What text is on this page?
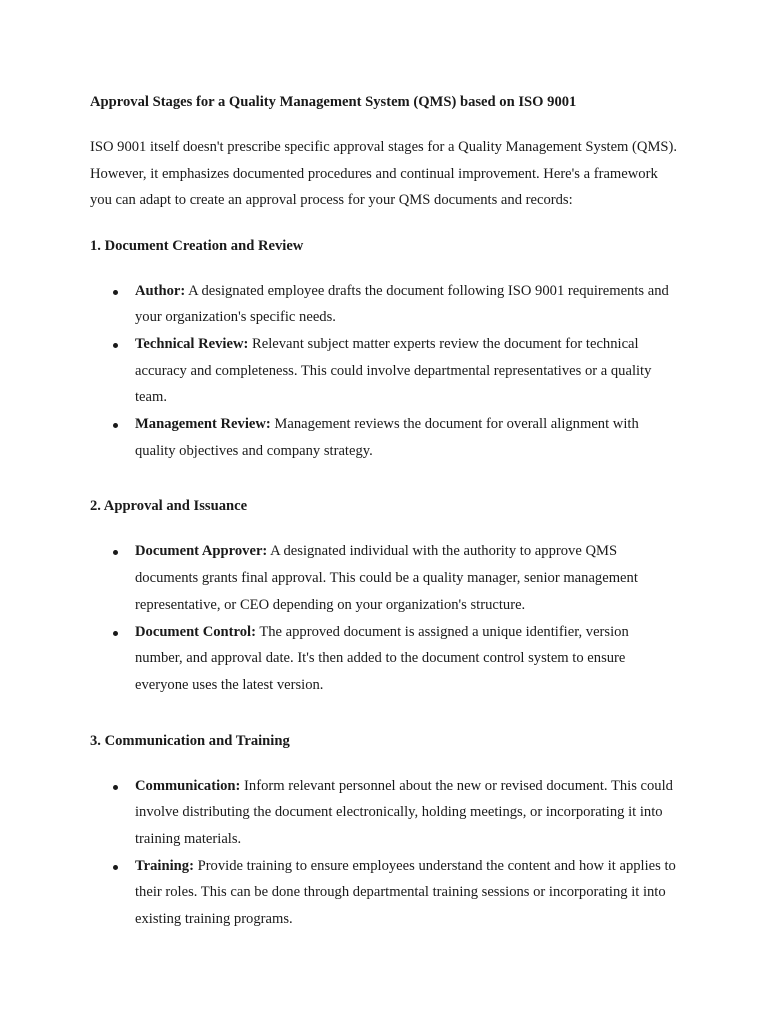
Approval Stages for a Quality Management System (QMS) based on ISO 9001

ISO 9001 itself doesn't prescribe specific approval stages for a Quality Management System (QMS). However, it emphasizes documented procedures and continual improvement. Here's a framework you can adapt to create an approval process for your QMS documents and records:

1. Document Creation and Review

Author: A designated employee drafts the document following ISO 9001 requirements and your organization's specific needs.
Technical Review: Relevant subject matter experts review the document for technical accuracy and completeness. This could involve departmental representatives or a quality team.
Management Review: Management reviews the document for overall alignment with quality objectives and company strategy.

2. Approval and Issuance

Document Approver: A designated individual with the authority to approve QMS documents grants final approval. This could be a quality manager, senior management representative, or CEO depending on your organization's structure.
Document Control: The approved document is assigned a unique identifier, version number, and approval date. It's then added to the document control system to ensure everyone uses the latest version.

3. Communication and Training

Communication: Inform relevant personnel about the new or revised document. This could involve distributing the document electronically, holding meetings, or incorporating it into training materials.
Training: Provide training to ensure employees understand the content and how it applies to their roles. This can be done through departmental training sessions or incorporating it into existing training programs.
